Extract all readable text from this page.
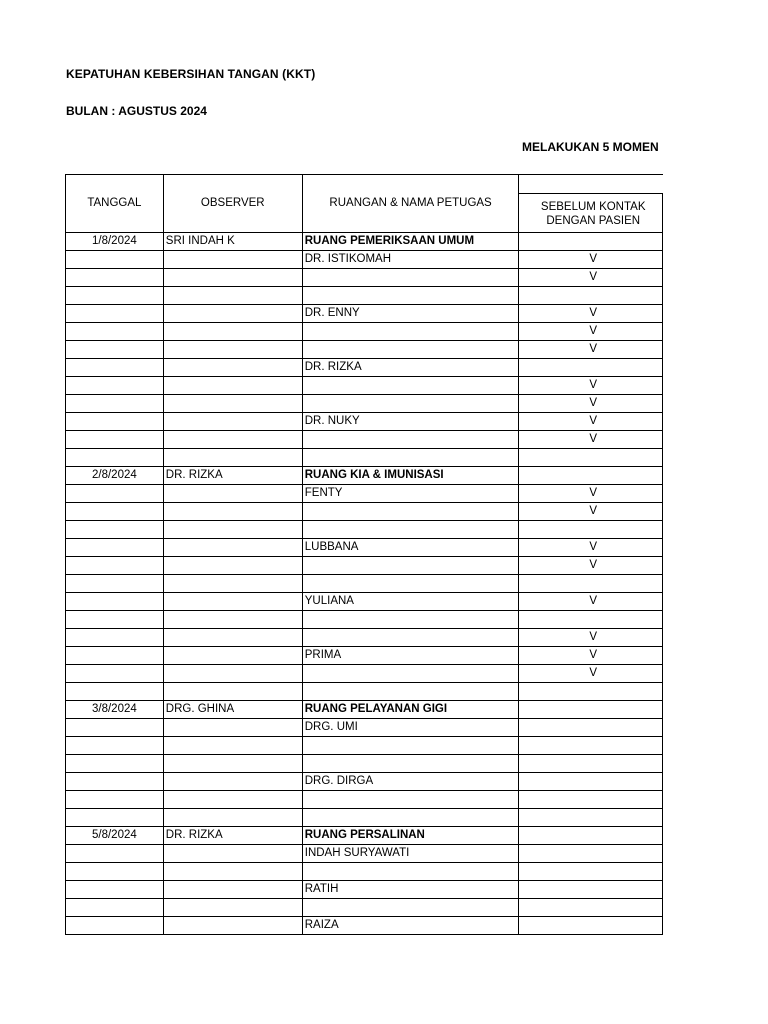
KEPATUHAN KEBERSIHAN TANGAN (KKT)
BULAN : AGUSTUS 2024
MELAKUKAN 5 MOMEN
TANGGAL	OBSERVER	RUANGAN & NAMA PETUGAS	
			SEBELUM KONTAK DENGAN PASIEN
1/8/2024	SRI INDAH K	RUANG PEMERIKSAAN UMUM	
		DR. ISTIKOMAH	V
			V

		DR. ENNY	V
			V
			V
		DR. RIZKA	
			V
			V
		DR. NUKY	V
			V

2/8/2024	DR. RIZKA	RUANG KIA & IMUNISASI	
		FENTY	V
			V

		LUBBANA	V
			V

		YULIANA	V

			V
		PRIMA	V
			V

3/8/2024	DRG. GHINA	RUANG PELAYANAN GIGI	
		DRG. UMI	

		DRG. DIRGA	

5/8/2024	DR. RIZKA	RUANG PERSALINAN	
		INDAH SURYAWATI	

		RATIH	

		RAIZA	
